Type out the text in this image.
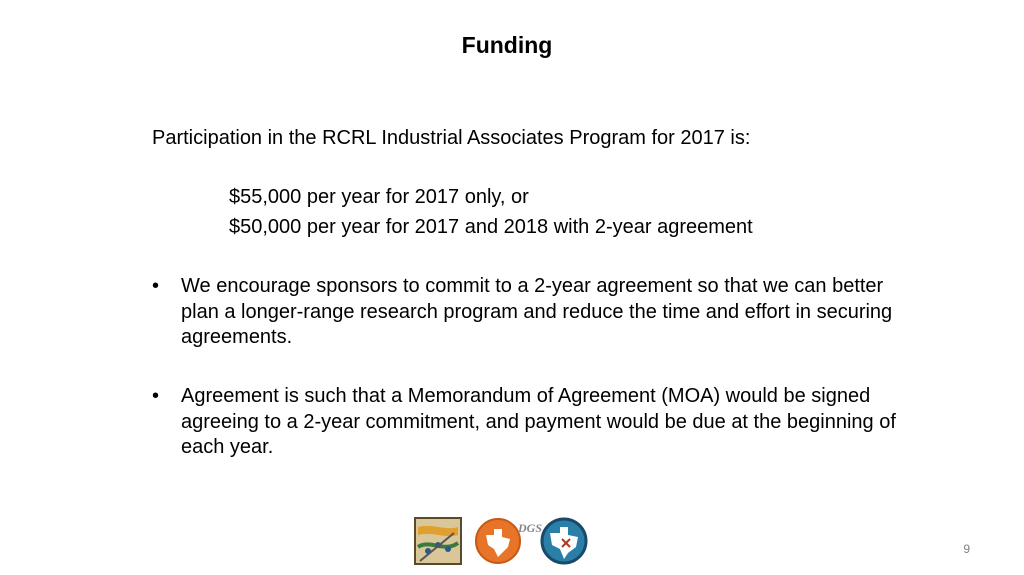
Funding
Participation in the RCRL Industrial Associates Program for 2017 is:
$55,000 per year for 2017 only, or
$50,000 per year for 2017 and 2018 with 2-year agreement
•	We encourage sponsors to commit to a 2-year agreement so that we can better plan a longer-range research program and reduce the time and effort in securing agreements.
•	Agreement is such that a Memorandum of Agreement (MOA) would be signed agreeing to a 2-year commitment, and payment would be due at the beginning of each year.
DGS
9
